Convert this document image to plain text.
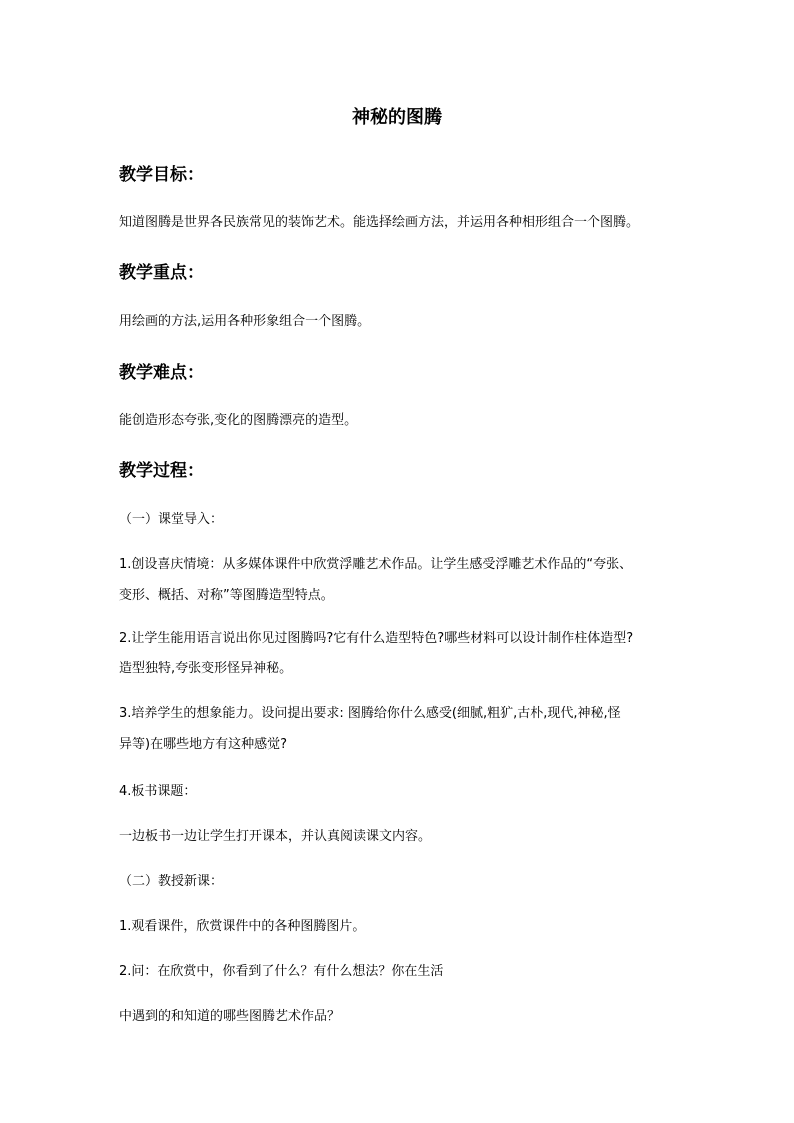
神秘的图腾
教学目标：
知道图腾是世界各民族常见的装饰艺术。能选择绘画方法，并运用各种相形组合一个图腾。
教学重点：
用绘画的方法,运用各种形象组合一个图腾。
教学难点：
能创造形态夸张,变化的图腾漂亮的造型。
教学过程：
（一）课堂导入：
1.创设喜庆情境：从多媒体课件中欣赏浮雕艺术作品。让学生感受浮雕艺术作品的“夸张、
变形、概括、对称”等图腾造型特点。
2.让学生能用语言说出你见过图腾吗?它有什么造型特色?哪些材料可以设计制作柱体造型?
造型独特,夸张变形怪异神秘。
3.培养学生的想象能力。设问提出要求: 图腾给你什么感受(细腻,粗犷,古朴,现代,神秘,怪
异等)在哪些地方有这种感觉?
4.板书课题：
一边板书一边让学生打开课本，并认真阅读课文内容。
（二）教授新课：
1.观看课件，欣赏课件中的各种图腾图片。
2.问：在欣赏中，你看到了什么？有什么想法？你在生活
中遇到的和知道的哪些图腾艺术作品？
